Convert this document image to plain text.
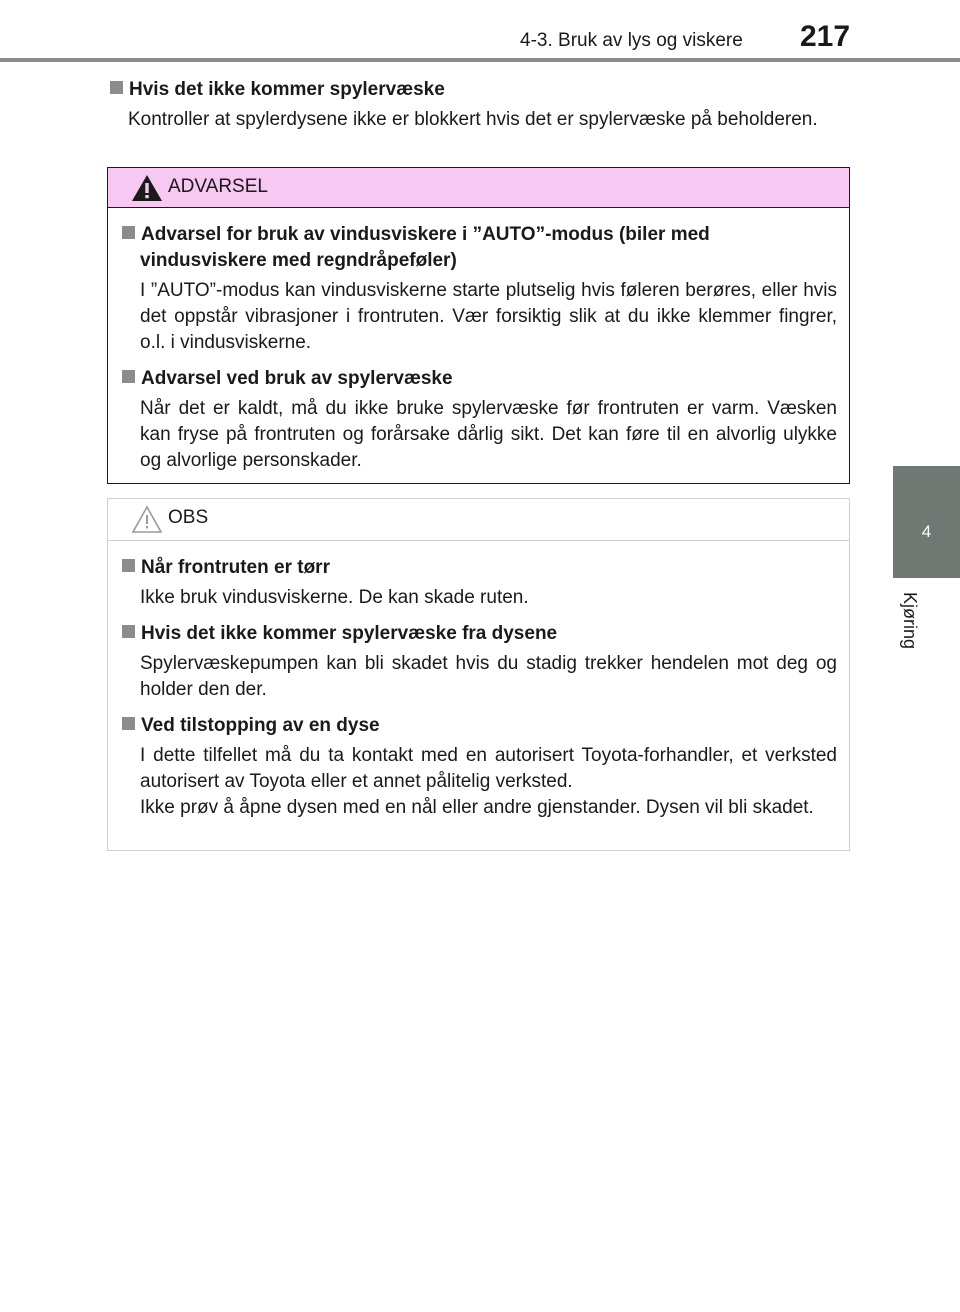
4-3. Bruk av lys og viskere 217
4
Kjøring
Hvis det ikke kommer spylervæske
Kontroller at spylerdysene ikke er blokkert hvis det er spylervæske på beholderen.
ADVARSEL
Advarsel for bruk av vindusviskere i ”AUTO”-modus (biler med vindusviskere med regndråpeføler)
I ”AUTO”-modus kan vindusviskerne starte plutselig hvis føleren berøres, eller hvis det oppstår vibrasjoner i frontruten. Vær forsiktig slik at du ikke klemmer fingrer, o.l. i vindusviskerne.
Advarsel ved bruk av spylervæske
Når det er kaldt, må du ikke bruke spylervæske før frontruten er varm. Væsken kan fryse på frontruten og forårsake dårlig sikt. Det kan føre til en alvorlig ulykke og alvorlige personskader.
OBS
Når frontruten er tørr
Ikke bruk vindusviskerne. De kan skade ruten.
Hvis det ikke kommer spylervæske fra dysene
Spylervæskepumpen kan bli skadet hvis du stadig trekker hendelen mot deg og holder den der.
Ved tilstopping av en dyse
I dette tilfellet må du ta kontakt med en autorisert Toyota-forhandler, et verksted autorisert av Toyota eller et annet pålitelig verksted.
Ikke prøv å åpne dysen med en nål eller andre gjenstander. Dysen vil bli skadet.
